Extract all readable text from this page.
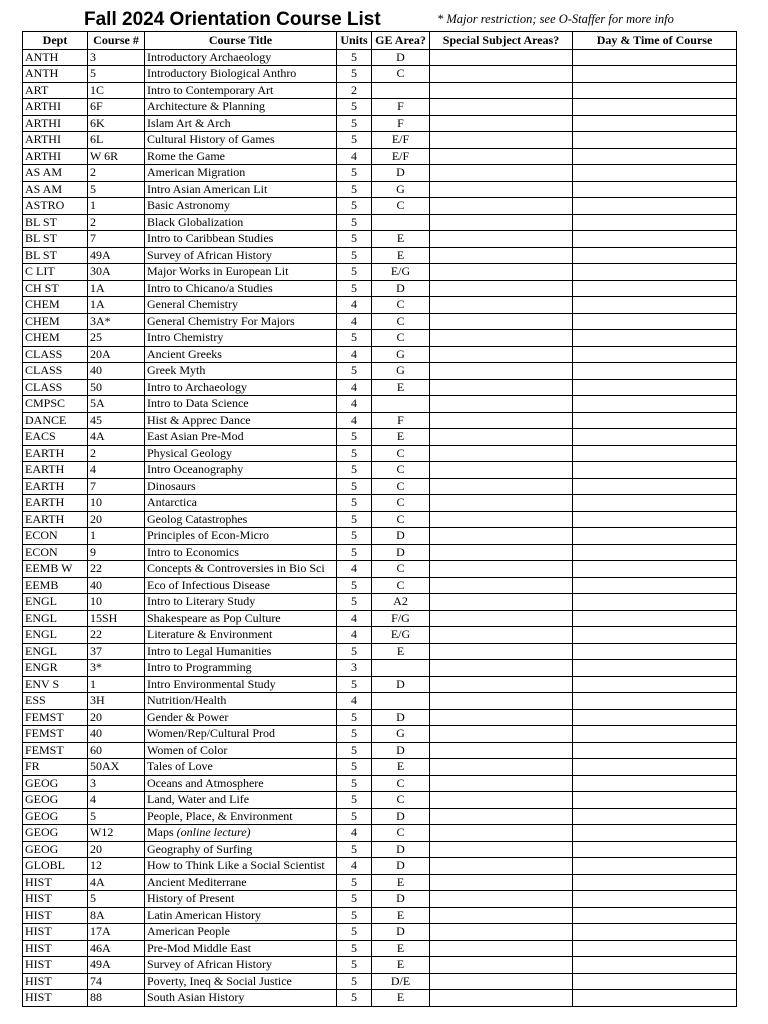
Fall 2024 Orientation Course List	* Major restriction; see O-Staffer for more info
Dept	Course #	Course Title	Units	GE Area?	Special Subject Areas?	Day & Time of Course
ANTH	3	Introductory Archaeology	5	D		
ANTH	5	Introductory Biological Anthro	5	C		
ART	1C	Intro to Contemporary Art	2			
ARTHI	6F	Architecture & Planning	5	F		
ARTHI	6K	Islam Art & Arch	5	F		
ARTHI	6L	Cultural History of Games	5	E/F		
ARTHI	W 6R	Rome the Game	4	E/F		
AS AM	2	American Migration	5	D		
AS AM	5	Intro Asian American Lit	5	G		
ASTRO	1	Basic Astronomy	5	C		
BL ST	2	Black Globalization	5			
BL ST	7	Intro to Caribbean Studies	5	E		
BL ST	49A	Survey of African History	5	E		
C LIT	30A	Major Works in European Lit	5	E/G		
CH ST	1A	Intro to Chicano/a Studies	5	D		
CHEM	1A	General Chemistry	4	C		
CHEM	3A*	General Chemistry For Majors	4	C		
CHEM	25	Intro Chemistry	5	C		
CLASS	20A	Ancient Greeks	4	G		
CLASS	40	Greek Myth	5	G		
CLASS	50	Intro to Archaeology	4	E		
CMPSC	5A	Intro to Data Science	4			
DANCE	45	Hist & Apprec Dance	4	F		
EACS	4A	East Asian Pre-Mod	5	E		
EARTH	2	Physical Geology	5	C		
EARTH	4	Intro Oceanography	5	C		
EARTH	7	Dinosaurs	5	C		
EARTH	10	Antarctica	5	C		
EARTH	20	Geolog Catastrophes	5	C		
ECON	1	Principles of Econ-Micro	5	D		
ECON	9	Intro to Economics	5	D		
EEMB W	22	Concepts & Controversies in Bio Sci	4	C		
EEMB	40	Eco of Infectious Disease	5	C		
ENGL	10	Intro to Literary Study	5	A2		
ENGL	15SH	Shakespeare as Pop Culture	4	F/G		
ENGL	22	Literature & Environment	4	E/G		
ENGL	37	Intro to Legal Humanities	5	E		
ENGR	3*	Intro to Programming	3			
ENV S	1	Intro Environmental Study	5	D		
ESS	3H	Nutrition/Health	4			
FEMST	20	Gender & Power	5	D		
FEMST	40	Women/Rep/Cultural Prod	5	G		
FEMST	60	Women of Color	5	D		
FR	50AX	Tales of Love	5	E		
GEOG	3	Oceans and Atmosphere	5	C		
GEOG	4	Land, Water and Life	5	C		
GEOG	5	People, Place, & Environment	5	D		
GEOG	W12	Maps (online lecture)	4	C		
GEOG	20	Geography of Surfing	5	D		
GLOBL	12	How to Think Like a Social Scientist	4	D		
HIST	4A	Ancient Mediterrane	5	E		
HIST	5	History of Present	5	D		
HIST	8A	Latin American History	5	E		
HIST	17A	American People	5	D		
HIST	46A	Pre-Mod Middle East	5	E		
HIST	49A	Survey of African History	5	E		
HIST	74	Poverty, Ineq & Social Justice	5	D/E		
HIST	88	South Asian History	5	E		
